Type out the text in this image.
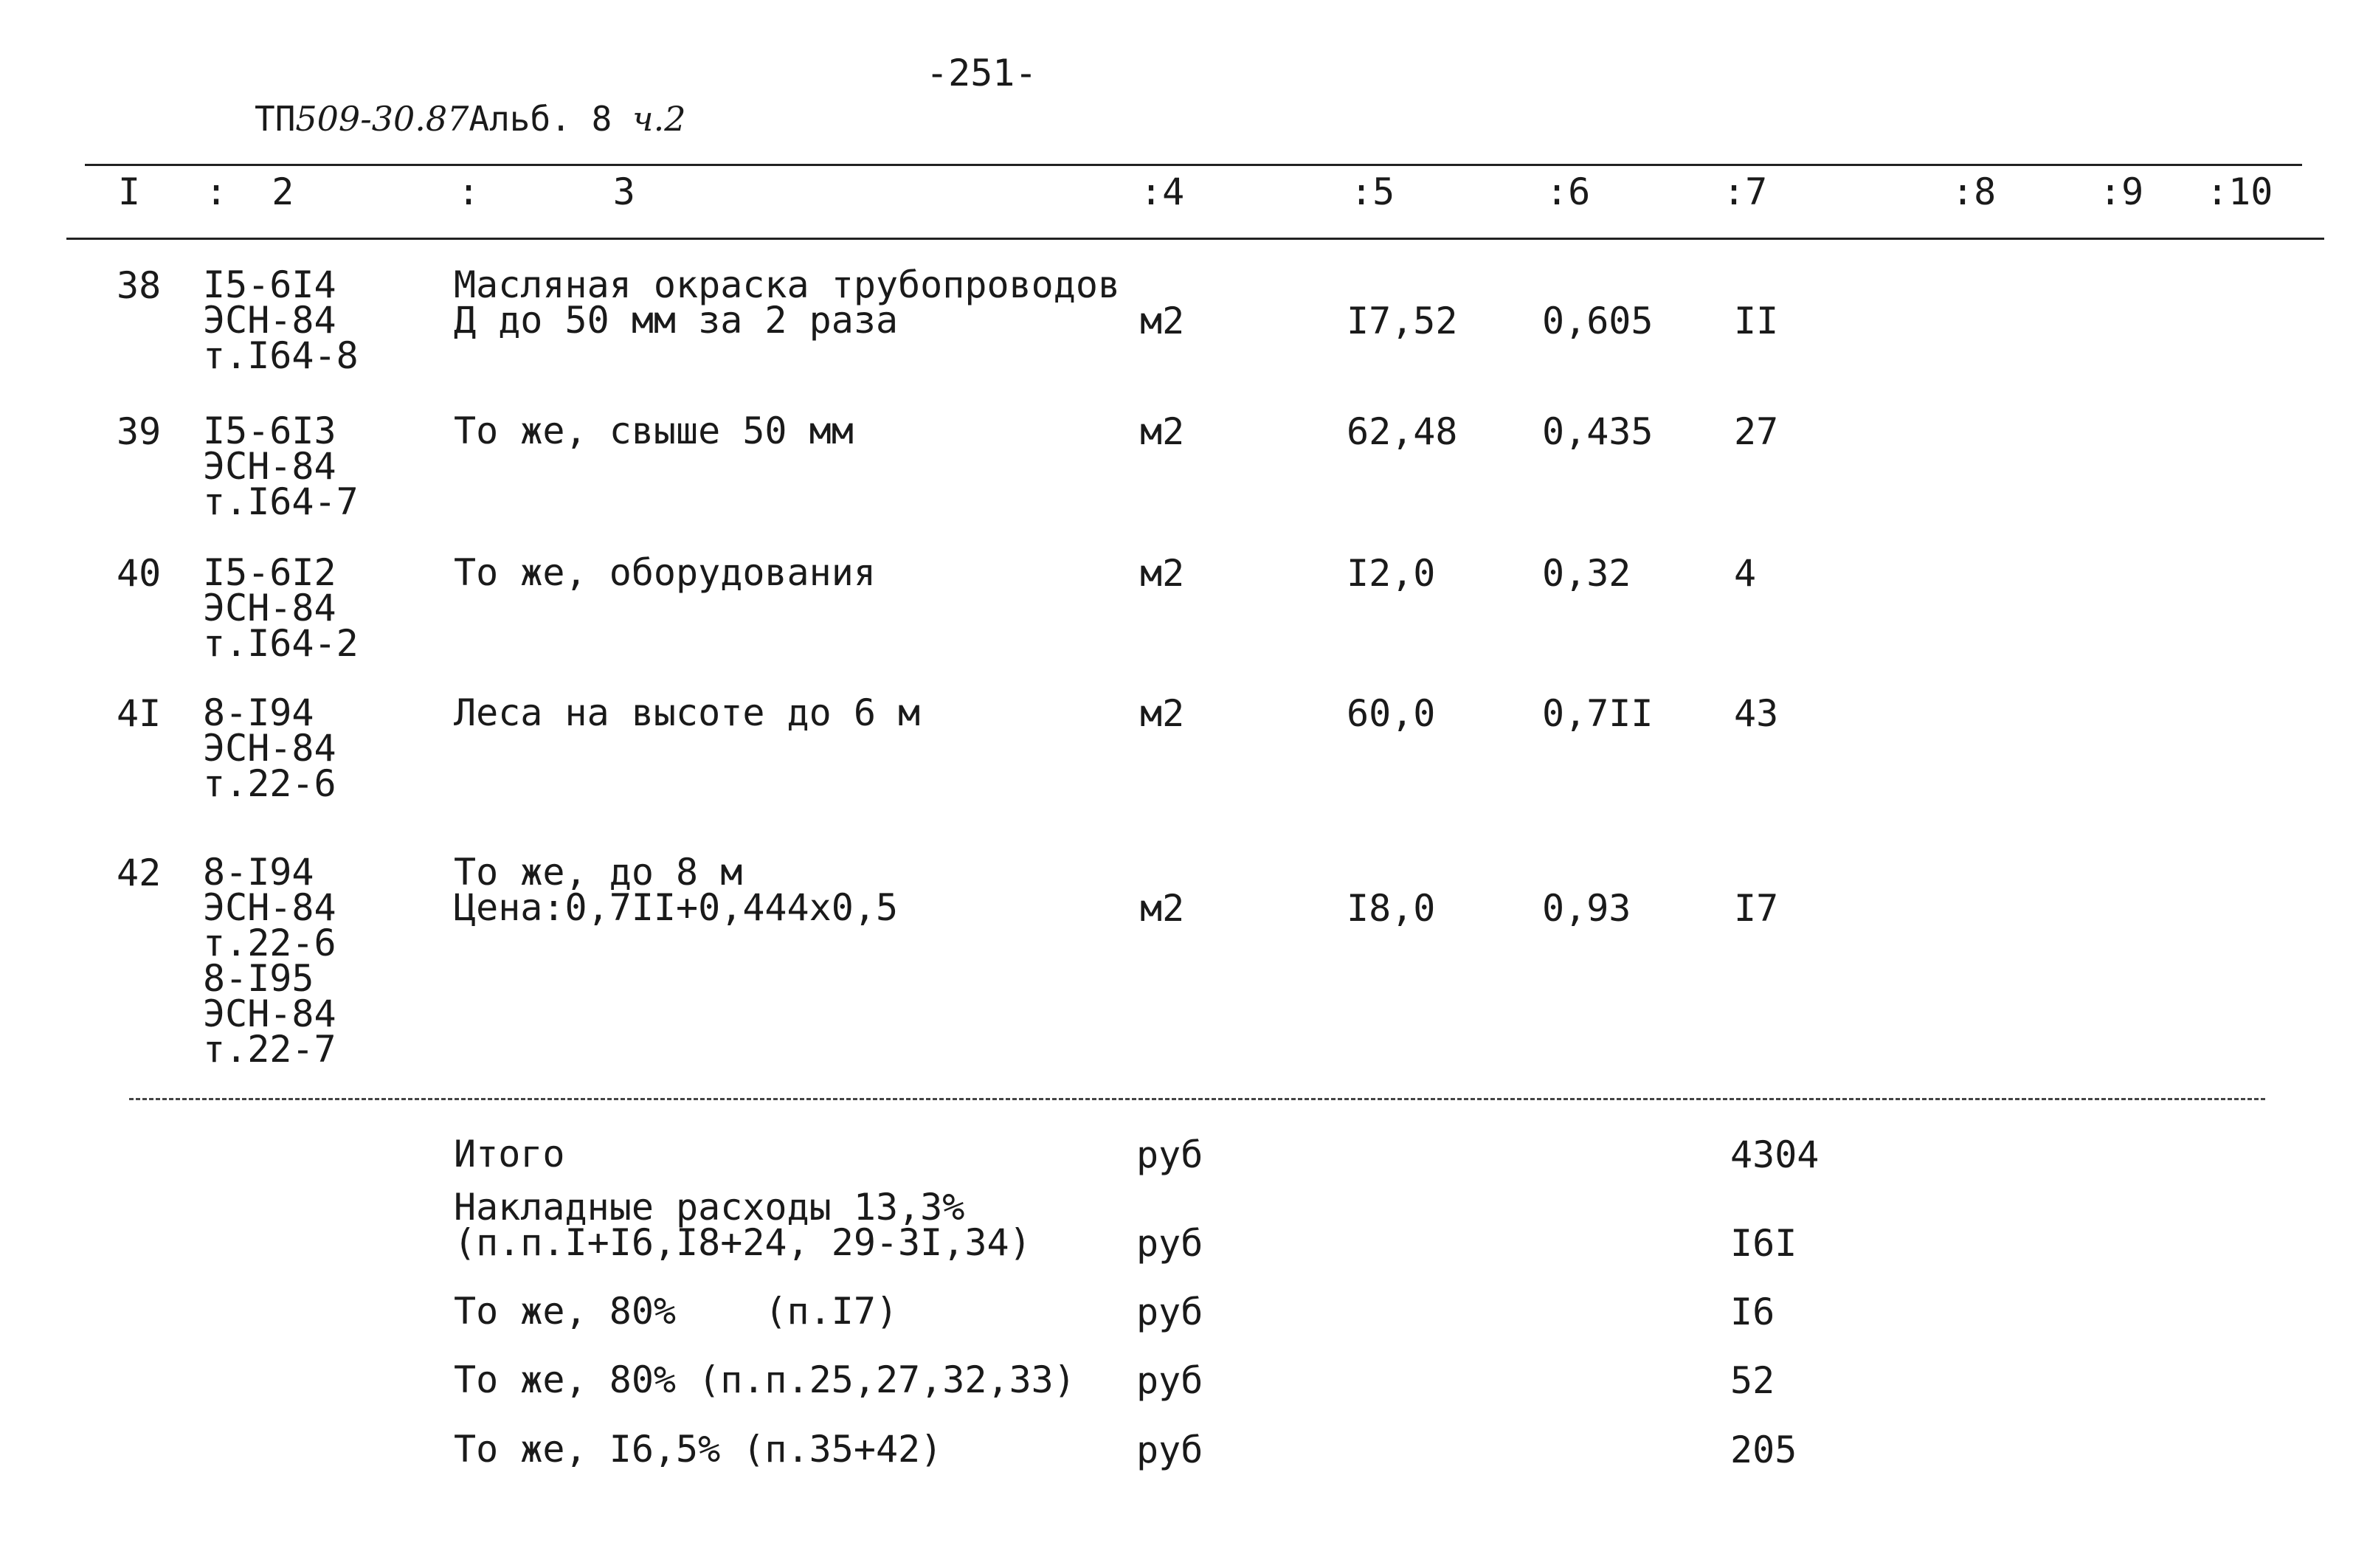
-251-
ТП509-30.87Альб. 8 ч.2
I :  2	:      3	:4	:5	:6	:7	:8	:9 :10
38 I5-6I4
ЭСН-84
т.I64-8
Масляная окраска трубопроводов
Д до 50 мм за 2 раза	м2	I7,52 0,605 II
39 I5-6I3
ЭСН-84
т.I64-7
То же, свыше 50 мм	м2	62,48 0,435 27
40 I5-6I2
ЭСН-84
т.I64-2
То же, оборудования	м2	I2,0	0,32	4
4I 8-I94
ЭСН-84
т.22-6
Леса на высоте до 6 м	м2	60,0	0,7II 43
42 8-I94
ЭСН-84
т.22-6
8-I95
ЭСН-84
т.22-7
То же, до 8 м
Цена:0,7II+0,444х0,5	м2	I8,0	0,93	I7
Итого	руб	4304
Накладные расходы 13,3%
(п.п.I+I6,I8+24, 29-3I,34)	руб	I6I
То же, 80%    (п.I7)	руб	I6
То же, 80% (п.п.25,27,32,33) руб	52
То же, I6,5% (п.35+42)	руб	205
